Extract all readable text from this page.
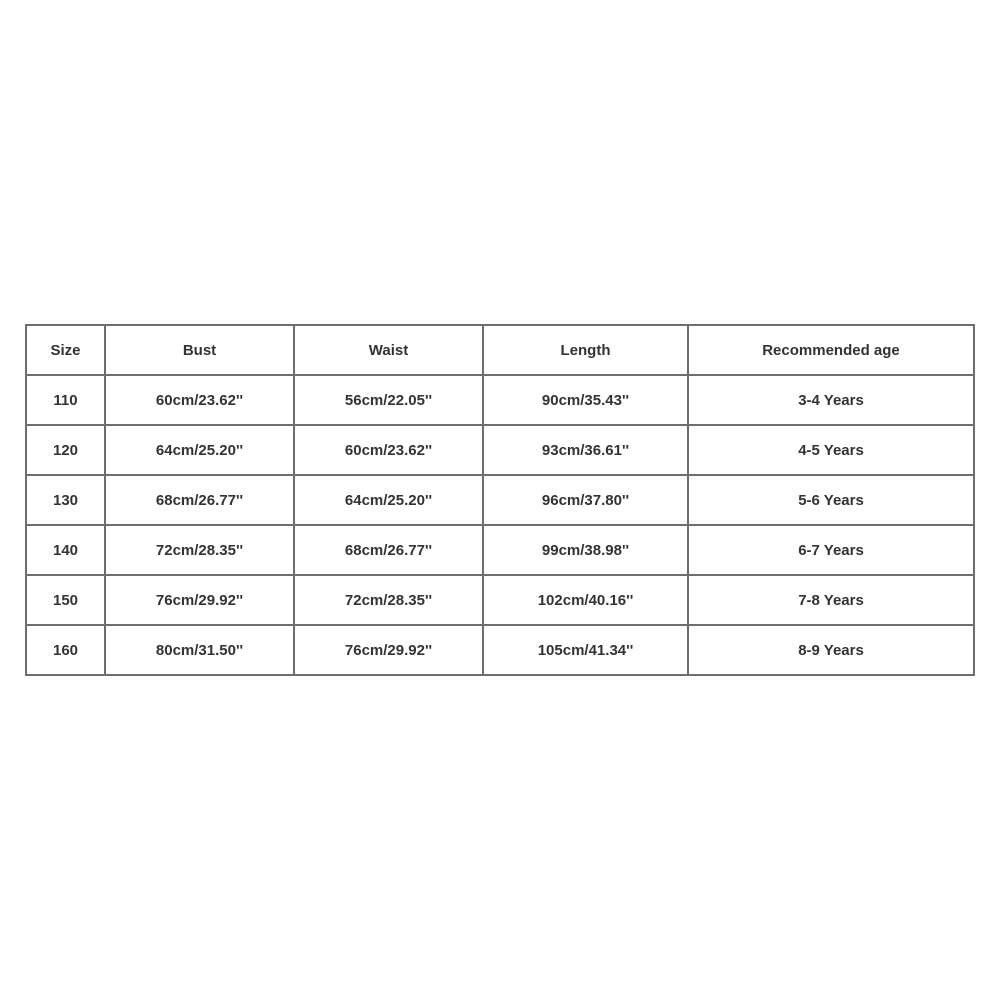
Size	Bust	Waist	Length	Recommended age
110	60cm/23.62''	56cm/22.05''	90cm/35.43''	3-4 Years
120	64cm/25.20''	60cm/23.62''	93cm/36.61''	4-5 Years
130	68cm/26.77''	64cm/25.20''	96cm/37.80''	5-6 Years
140	72cm/28.35''	68cm/26.77''	99cm/38.98''	6-7 Years
150	76cm/29.92''	72cm/28.35''	102cm/40.16''	7-8 Years
160	80cm/31.50''	76cm/29.92''	105cm/41.34''	8-9 Years
